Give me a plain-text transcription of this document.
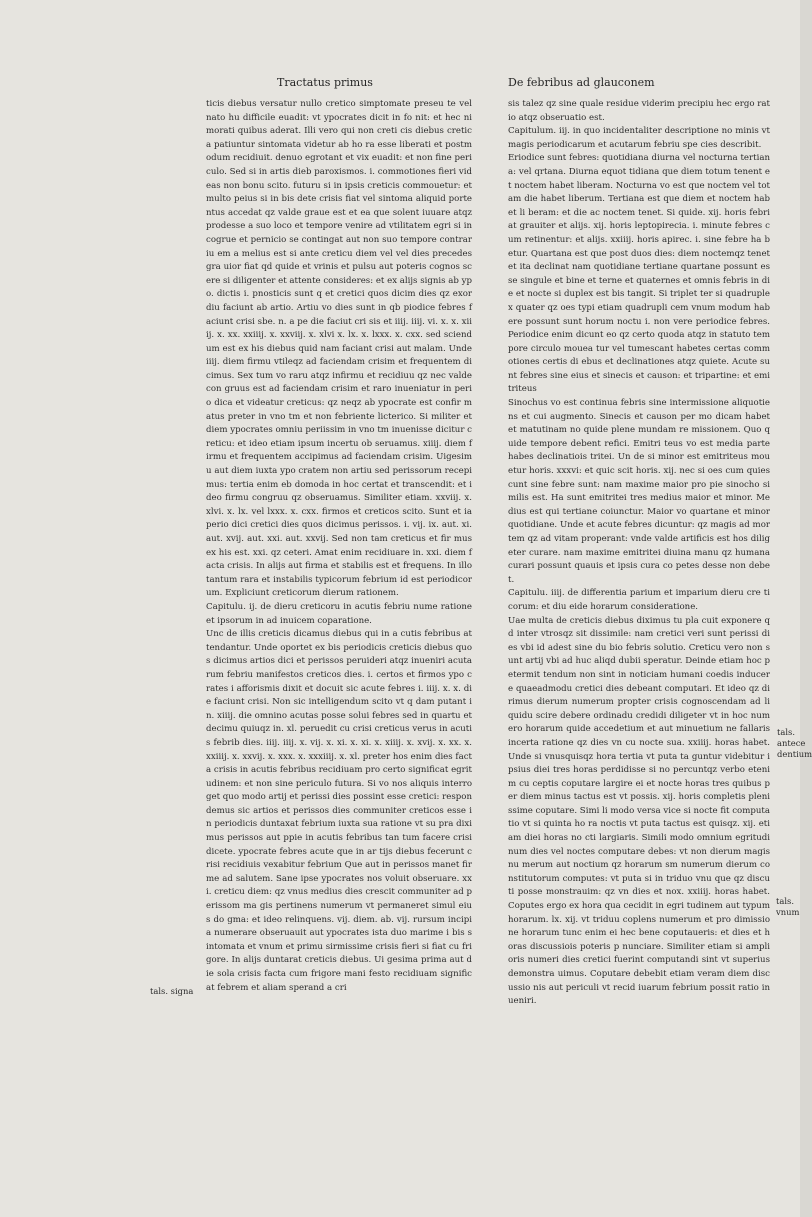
Tractatus primus	De febribus ad glauconem

ticis diebus versatur nullo cretico simptomate preseu te vel nato hu difficile euadit: vt ypocrates dicit in fo nit: et hec nimorati quibus aderat. Illi vero qui non creti cis diebus cretica patiuntur sintomata videtur ab ho ra esse liberati et postmodum recidiuit. denuo egrotant et vix euadit: et non fine periculo. Sed si in artis dieb paroxismos. i. commotiones fieri videas non bonu scito. futuru si in ipsis creticis commouetur: et multo peius si in bis dete crisis fiat vel sintoma aliquid portentus accedat qz valde graue est et ea que solent iuuare atqz prodesse a suo loco et tempore venire ad vtilitatem egri si incogrue et pernicio se contingat aut non suo tempore contrariu em a melius est si ante creticu diem vel vel dies precedes gra uior fiat qd quide et vrinis et pulsu aut poteris cognos scere si diligenter et attente consideres: et ex alijs signis ab ypo. dictis i. pnosticis sunt q et cretici quos dicim dies qz exordiu faciunt ab artio. Artiu vo dies sunt in qb piodice febres faciunt crisi sbe. n. a pe die faciut cri sis et iiij. iiij. vi. x. x. xiiij. x. xx. xxiiij. x. xxviij. x. xlvi x. lx. x. lxxx. x. cxx. sed sciendum est ex his diebus quid nam faciant crisi aut malam. Unde iiij. diem firmu vtileqz ad faciendam crisim et frequentem dicimus. Sex tum vo raru atqz infirmu et recidiuu qz nec valde con gruus est ad faciendam crisim et raro inueniatur in perio dica et videatur creticus: qz neqz ab ypocrate est confir matus preter in vno tm et non febriente licterico. Si militer et diem ypocrates omniu periissim in vno tm inuenisse dicitur creticu: et ideo etiam ipsum incertu ob seruamus. xiiij. diem firmu et frequentem accipimus ad faciendam crisim. Uigesimu aut diem iuxta ypo cratem non artiu sed perissorum recepimus: tertia enim eb domoda in hoc certat et transcendit: et ideo firmu congruu qz obseruamus. Similiter etiam. xxviij. x. xlvi. x. lx. vel lxxx. x. cxx. firmos et creticos scito. Sunt et ia perio dici cretici dies quos dicimus perissos. i. vij. ix. aut. xi. aut. xvij. aut. xxi. aut. xxvij. Sed non tam creticus et fir mus ex his est. xxi. qz ceteri. Amat enim recidiuare in. xxi. diem facta crisis. In alijs aut firma et stabilis est et frequens. In illo tantum rara et instabilis typicorum febrium id est periodicorum. Expliciunt creticorum dierum rationem.

Capitulu. ij. de dieru creticoru in acutis febriu nume ratione et ipsorum in ad inuicem coparatione.

Unc de illis creticis dicamus diebus qui in a cutis febribus attendantur. Unde oportet ex bis periodicis creticis diebus quos dicimus artios dici et perissos peruideri atqz inueniri acutarum febriu manifestos creticos dies. i. certos et firmos ypo crates i afforismis dixit et docuit sic acute febres i. iiij. x. x. die faciunt crisi. Non sic intelligendum scito vt q dam putant in. xiiij. die omnino acutas posse solui febres sed in quartu et decimu quiuqz in. xl. peruedit cu crisi creticus verus in acutis febrib dies. iiij. iiij. x. vij. x. xi. x. xi. x. xiiij. x. xvij. x. xx. x. xxiiij. x. xxvij. x. xxx. x. xxxiiij. x. xl. preter hos enim dies facta crisis in acutis febribus recidiuam pro certo significat egritudinem: et non sine periculo futura. Si vo nos aliquis interroget quo modo artij et perissi dies possint esse cretici: respondemus sic artios et perissos dies communiter creticos esse in periodicis duntaxat febrium iuxta sua ratione vt su pra diximus perissos aut ppie in acutis febribus tan tum facere crisi dicete. ypocrate febres acute que in ar tijs diebus fecerunt crisi recidiuis vexabitur febrium Que aut in perissos manet firme ad salutem. Sane ipse ypocrates nos voluit obseruare. xxi. creticu diem: qz vnus medius dies crescit communiter ad perissom ma gis pertinens numerum vt permaneret simul eius do gma: et ideo relinquens. vij. diem. ab. vij. rursum incipia numerare obseruauit aut ypocrates ista duo marime i bis sintomata et vnum et primu sirmissime crisis fieri si fiat cu frigore. In alijs duntarat creticis diebus. Ui gesima prima aut die sola crisis facta cum frigore mani festo recidiuam significat febrem et aliam sperand a cri

sis talez qz sine quale residue viderim precipiu hec ergo ratio atqz obseruatio est.

Capitulum. iij. in quo incidentaliter descriptione no minis vt magis periodicarum et acutarum febriu spe cies describit.

Eriodice sunt febres: quotidiana diurna vel nocturna tertiana: vel qrtana. Diurna equot tidiana que diem totum tenent et noctem habet liberam. Nocturna vo est que noctem vel totam die habet liberum. Tertiana est que diem et noctem habet li beram: et die ac noctem tenet. Si quide. xij. horis febri at grauiter et alijs. xij. horis leptopirecia. i. minute febres cum retinentur: et alijs. xxiiij. horis apirec. i. sine febre ha betur. Quartana est que post duos dies: diem noctemqz tenet et ita declinat nam quotidiane tertiane quartane possunt esse singule et bine et terne et quaternes et omnis febris in die et nocte si duplex est bis tangit. Si triplet ter si quadruplex quater qz oes typi etiam quadrupli cem vnum modum habere possunt sunt horum noctu i. non vere periodice febres. Periodice enim dicunt eo qz certo quoda atqz in statuto tempore circulo mouea tur vel tumescant habetes certas commotiones certis di ebus et declinationes atqz quiete. Acute sunt febres sine eius et sinecis et causon: et tripartine: et emitriteus

Sinochus vo est continua febris sine intermissione aliquotiens et cui augmento. Sinecis et causon per mo dicam habet et matutinam no quide plene mundam re missionem. Quo quide tempore debent refici. Emitri teus vo est media parte habes declinatiois tritei. Un de si minor est emitriteus mouetur horis. xxxvi: et quic scit horis. xij. nec si oes cum quiescunt sine febre sunt: nam maxime maior pro pie sinocho similis est. Ha sunt emitritei tres medius maior et minor. Medius est qui tertiane coiunctur. Maior vo quartane et minor quotidiane. Unde et acute febres dicuntur: qz magis ad mortem qz ad vitam properant: vnde valde artificis est hos diligeter curare. nam maxime emitritei diuina manu qz humana curari possunt quauis et ipsis cura co petes desse non debet.

Capitulu. iiij. de differentia parium et imparium dieru cre ticorum: et diu eide horarum consideratione.

Uae multa de creticis diebus diximus tu pla cuit exponere qd inter vtrosqz sit dissimile: nam cretici veri sunt perissi dies vbi id adest sine du bio febris solutio. Creticu vero non sunt artij vbi ad huc aliqd dubii speratur. Deinde etiam hoc petermit tendum non sint in noticiam humani coedis inducere quaeadmodu cretici dies debeant computari. Et ideo qz di rimus dierum numerum propter crisis cognoscendam ad li quidu scire debere ordinadu credidi diligeter vt in hoc numero horarum quide accedetium et aut minuetium ne fallaris incerta ratione qz dies vn cu nocte sua. xxiiij. horas habet. Unde si vnusquisqz hora tertia vt puta ta guntur videbitur ipsius diei tres horas perdidisse si no percuntqz verbo etenim cu ceptis coputare largire ei et nocte horas tres quibus per diem minus tactus est vt possis. xij. horis completis plenissime coputare. Simi li modo versa vice si nocte fit computatio vt si quinta ho ra noctis vt puta tactus est quisqz. xij. etiam diei horas no cti largiaris. Simili modo omnium egritudinum dies vel noctes computare debes: vt non dierum magis nu merum aut noctium qz horarum sm numerum dierum constitutorum computes: vt puta si in triduo vnu que qz discuti posse monstrauim: qz vn dies et nox. xxiiij. horas habet. Coputes ergo ex hora qua cecidit in egri tudinem aut typum horarum. lx. xij. vt triduu coplens numerum et pro dimissione horarum tunc enim ei hec bene coputaueris: et dies et horas discussiois poteris p nunciare. Similiter etiam si amplioris numeri dies cretici fuerint computandi sint vt superius demonstra uimus. Coputare debebit etiam veram diem discussio nis aut periculi vt recid iuarum febrium possit ratio in ueniri.

tals. antece dentium
tals. vnum
tals. signa
